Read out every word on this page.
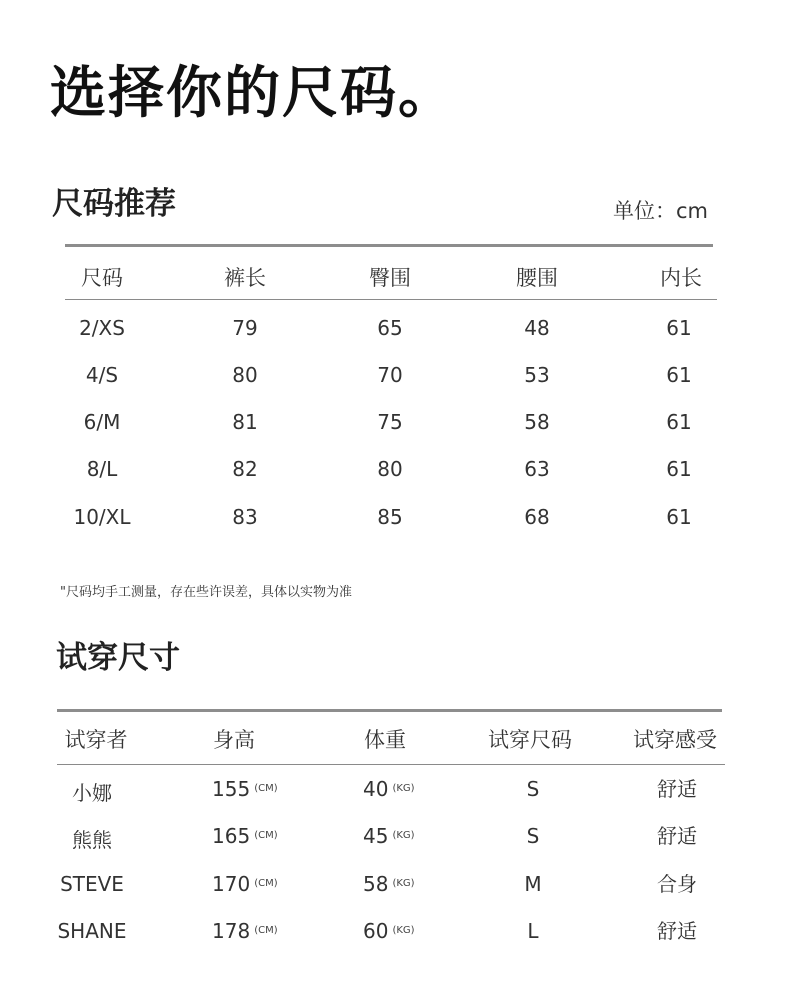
选择你的尺码。
尺码推荐	单位：cm
尺码	裤长	臀围	腰围	内长
2/XS	79	65	48	61
4/S	80	70	53	61
6/M	81	75	58	61
8/L	82	80	63	61
10/XL	83	85	68	61
"尺码均手工测量，存在些许误差，具体以实物为准
试穿尺寸
试穿者	身高	体重	试穿尺码	试穿感受
小娜	155 $^{(CM)}$	40 $^{(KG)}$	S	舒适
熊熊	165 $^{(CM)}$	45 $^{(KG)}$	S	舒适
STEVE	170 $^{(CM)}$	58 $^{(KG)}$	M	合身
SHANE	178 $^{(CM)}$	60 $^{(KG)}$	L	舒适
